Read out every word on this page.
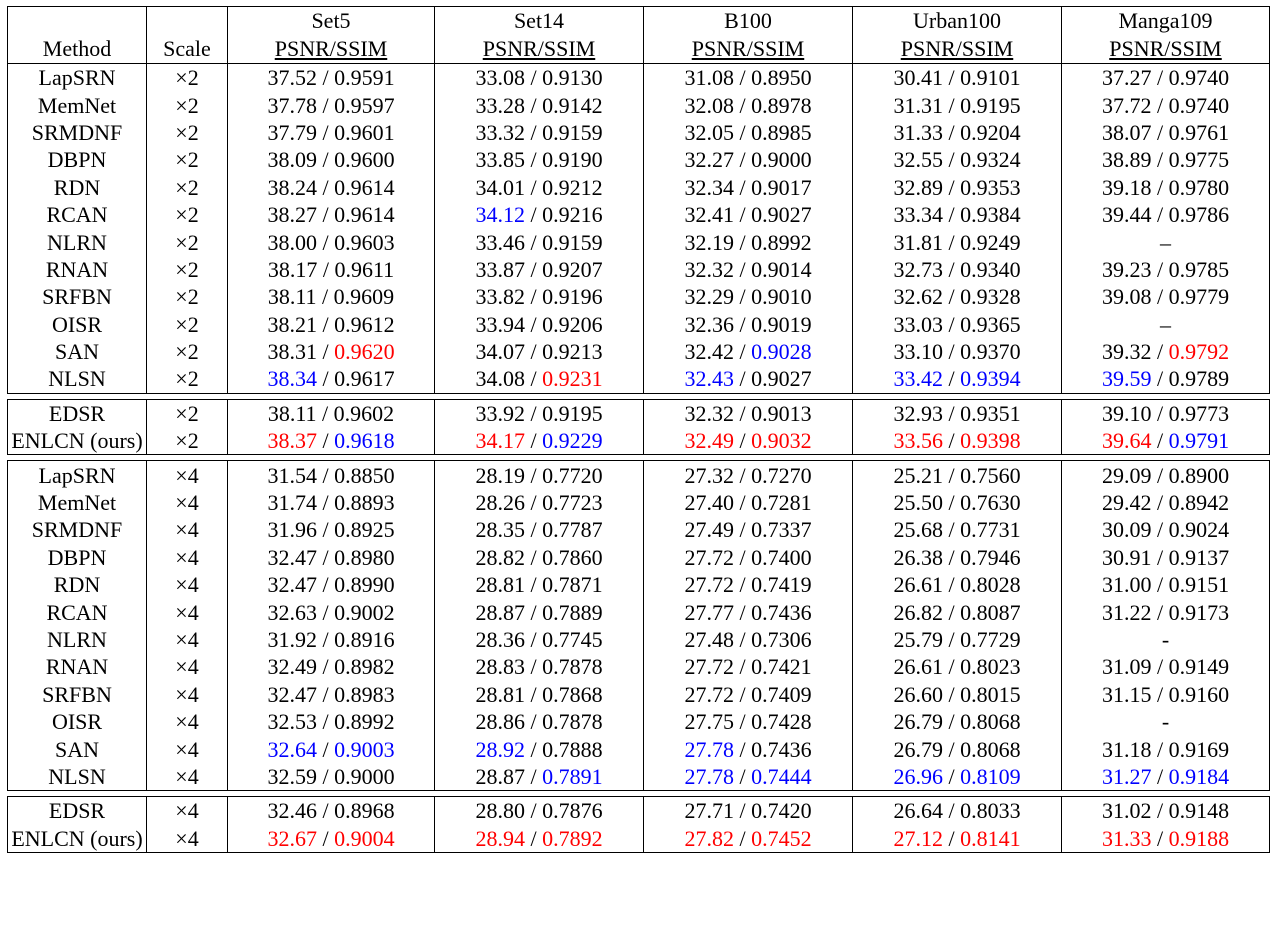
		Set5	Set14	B100	Urban100	Manga109
Method	Scale	PSNR/SSIM	PSNR/SSIM	PSNR/SSIM	PSNR/SSIM	PSNR/SSIM
LapSRN	×2	37.52 / 0.9591	33.08 / 0.9130	31.08 / 0.8950	30.41 / 0.9101	37.27 / 0.9740
MemNet	×2	37.78 / 0.9597	33.28 / 0.9142	32.08 / 0.8978	31.31 / 0.9195	37.72 / 0.9740
SRMDNF	×2	37.79 / 0.9601	33.32 / 0.9159	32.05 / 0.8985	31.33 / 0.9204	38.07 / 0.9761
DBPN	×2	38.09 / 0.9600	33.85 / 0.9190	32.27 / 0.9000	32.55 / 0.9324	38.89 / 0.9775
RDN	×2	38.24 / 0.9614	34.01 / 0.9212	32.34 / 0.9017	32.89 / 0.9353	39.18 / 0.9780
RCAN	×2	38.27 / 0.9614	34.12 / 0.9216	32.41 / 0.9027	33.34 / 0.9384	39.44 / 0.9786
NLRN	×2	38.00 / 0.9603	33.46 / 0.9159	32.19 / 0.8992	31.81 / 0.9249	–
RNAN	×2	38.17 / 0.9611	33.87 / 0.9207	32.32 / 0.9014	32.73 / 0.9340	39.23 / 0.9785
SRFBN	×2	38.11 / 0.9609	33.82 / 0.9196	32.29 / 0.9010	32.62 / 0.9328	39.08 / 0.9779
OISR	×2	38.21 / 0.9612	33.94 / 0.9206	32.36 / 0.9019	33.03 / 0.9365	–
SAN	×2	38.31 / 0.9620	34.07 / 0.9213	32.42 / 0.9028	33.10 / 0.9370	39.32 / 0.9792
NLSN	×2	38.34 / 0.9617	34.08 / 0.9231	32.43 / 0.9027	33.42 / 0.9394	39.59 / 0.9789

EDSR	×2	38.11 / 0.9602	33.92 / 0.9195	32.32 / 0.9013	32.93 / 0.9351	39.10 / 0.9773
ENLCN (ours)	×2	38.37 / 0.9618	34.17 / 0.9229	32.49 / 0.9032	33.56 / 0.9398	39.64 / 0.9791

LapSRN	×4	31.54 / 0.8850	28.19 / 0.7720	27.32 / 0.7270	25.21 / 0.7560	29.09 / 0.8900
MemNet	×4	31.74 / 0.8893	28.26 / 0.7723	27.40 / 0.7281	25.50 / 0.7630	29.42 / 0.8942
SRMDNF	×4	31.96 / 0.8925	28.35 / 0.7787	27.49 / 0.7337	25.68 / 0.7731	30.09 / 0.9024
DBPN	×4	32.47 / 0.8980	28.82 / 0.7860	27.72 / 0.7400	26.38 / 0.7946	30.91 / 0.9137
RDN	×4	32.47 / 0.8990	28.81 / 0.7871	27.72 / 0.7419	26.61 / 0.8028	31.00 / 0.9151
RCAN	×4	32.63 / 0.9002	28.87 / 0.7889	27.77 / 0.7436	26.82 / 0.8087	31.22 / 0.9173
NLRN	×4	31.92 / 0.8916	28.36 / 0.7745	27.48 / 0.7306	25.79 / 0.7729	-
RNAN	×4	32.49 / 0.8982	28.83 / 0.7878	27.72 / 0.7421	26.61 / 0.8023	31.09 / 0.9149
SRFBN	×4	32.47 / 0.8983	28.81 / 0.7868	27.72 / 0.7409	26.60 / 0.8015	31.15 / 0.9160
OISR	×4	32.53 / 0.8992	28.86 / 0.7878	27.75 / 0.7428	26.79 / 0.8068	-
SAN	×4	32.64 / 0.9003	28.92 / 0.7888	27.78 / 0.7436	26.79 / 0.8068	31.18 / 0.9169
NLSN	×4	32.59 / 0.9000	28.87 / 0.7891	27.78 / 0.7444	26.96 / 0.8109	31.27 / 0.9184

EDSR	×4	32.46 / 0.8968	28.80 / 0.7876	27.71 / 0.7420	26.64 / 0.8033	31.02 / 0.9148
ENLCN (ours)	×4	32.67 / 0.9004	28.94 / 0.7892	27.82 / 0.7452	27.12 / 0.8141	31.33 / 0.9188
